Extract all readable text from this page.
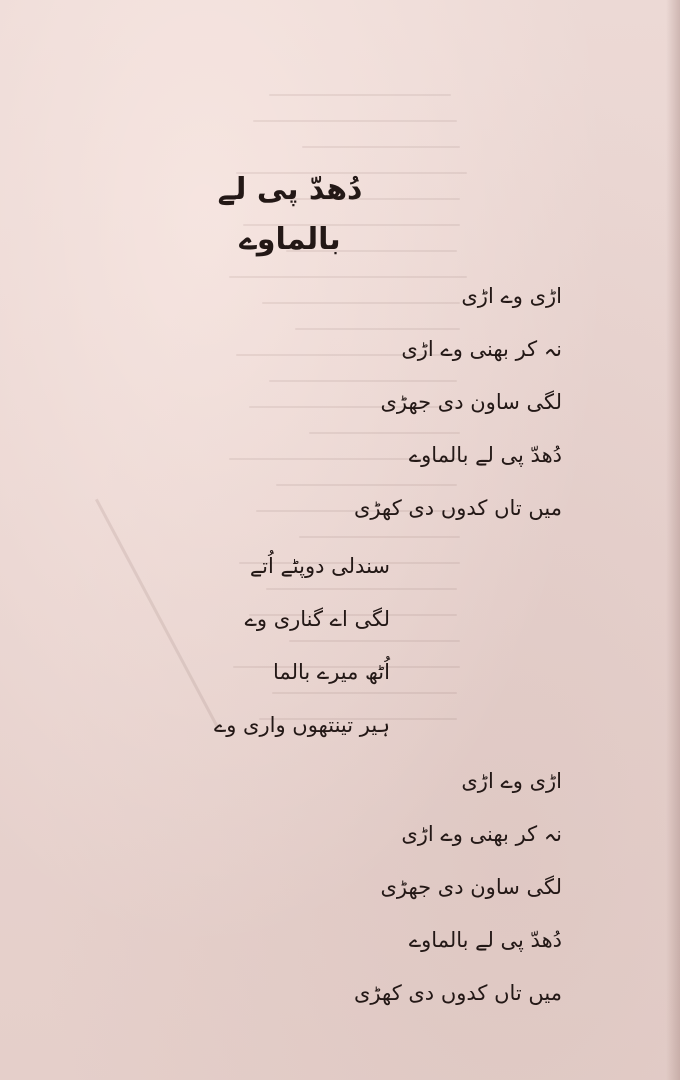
دُھدّ پی لے بالماوے
اڑی وے اڑی
نہ کر بھنی وے اڑی
لگی ساون دی جھڑی
دُھدّ پی لے بالماوے
میں تاں کدوں دی کھڑی
سندلی دوپٹے اُتے
لگی اے گناری وے
اُٹھ میرے بالما
ہیر تینتھوں واری وے
اڑی وے اڑی
نہ کر بھنی وے اڑی
لگی ساون دی جھڑی
دُھدّ پی لے بالماوے
میں تاں کدوں دی کھڑی
